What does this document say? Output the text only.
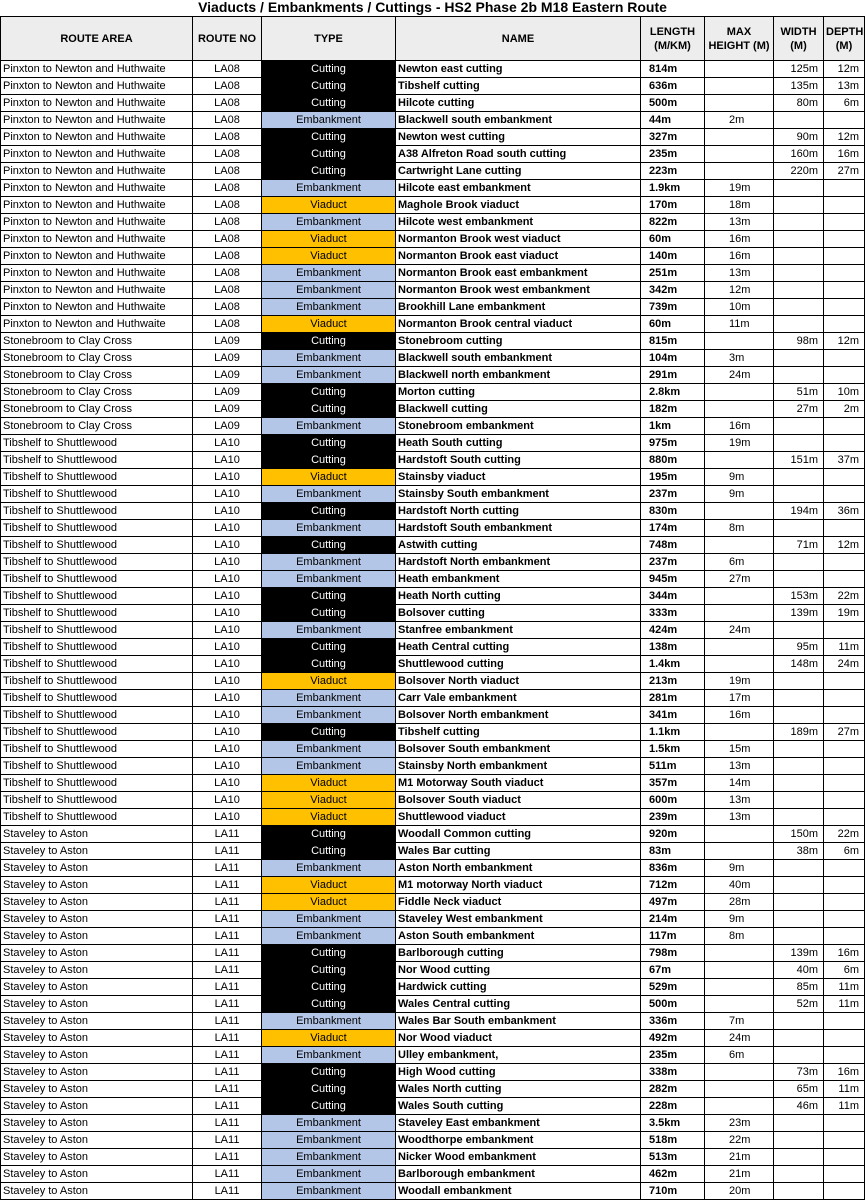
Viaducts / Embankments / Cuttings - HS2 Phase 2b M18 Eastern Route
ROUTE AREA	ROUTE NO	TYPE	NAME	LENGTH (M/KM)	MAX HEIGHT (M)	WIDTH (M)	DEPTH (M)
Pinxton to Newton and Huthwaite	LA08	Cutting	Newton east cutting	814m		125m	12m
Pinxton to Newton and Huthwaite	LA08	Cutting	Tibshelf cutting	636m		135m	13m
Pinxton to Newton and Huthwaite	LA08	Cutting	Hilcote cutting	500m		80m	6m
Pinxton to Newton and Huthwaite	LA08	Embankment	Blackwell south embankment	44m	2m		
Pinxton to Newton and Huthwaite	LA08	Cutting	Newton west cutting	327m		90m	12m
Pinxton to Newton and Huthwaite	LA08	Cutting	A38 Alfreton Road south cutting	235m		160m	16m
Pinxton to Newton and Huthwaite	LA08	Cutting	Cartwright Lane cutting	223m		220m	27m
Pinxton to Newton and Huthwaite	LA08	Embankment	Hilcote east embankment	1.9km	19m		
Pinxton to Newton and Huthwaite	LA08	Viaduct	Maghole Brook viaduct	170m	18m		
Pinxton to Newton and Huthwaite	LA08	Embankment	Hilcote west embankment	822m	13m		
Pinxton to Newton and Huthwaite	LA08	Viaduct	Normanton Brook west viaduct	60m	16m		
Pinxton to Newton and Huthwaite	LA08	Viaduct	Normanton Brook east viaduct	140m	16m		
Pinxton to Newton and Huthwaite	LA08	Embankment	Normanton Brook east embankment	251m	13m		
Pinxton to Newton and Huthwaite	LA08	Embankment	Normanton Brook west embankment	342m	12m		
Pinxton to Newton and Huthwaite	LA08	Embankment	Brookhill Lane embankment	739m	10m		
Pinxton to Newton and Huthwaite	LA08	Viaduct	Normanton Brook central viaduct	60m	11m		
Stonebroom to Clay Cross	LA09	Cutting	Stonebroom cutting	815m		98m	12m
Stonebroom to Clay Cross	LA09	Embankment	Blackwell south embankment	104m	3m		
Stonebroom to Clay Cross	LA09	Embankment	Blackwell north embankment	291m	24m		
Stonebroom to Clay Cross	LA09	Cutting	Morton cutting	2.8km		51m	10m
Stonebroom to Clay Cross	LA09	Cutting	Blackwell cutting	182m		27m	2m
Stonebroom to Clay Cross	LA09	Embankment	Stonebroom embankment	1km	16m		
Tibshelf to Shuttlewood	LA10	Cutting	Heath South cutting	975m	19m		
Tibshelf to Shuttlewood	LA10	Cutting	Hardstoft South cutting	880m		151m	37m
Tibshelf to Shuttlewood	LA10	Viaduct	Stainsby viaduct	195m	9m		
Tibshelf to Shuttlewood	LA10	Embankment	Stainsby South embankment	237m	9m		
Tibshelf to Shuttlewood	LA10	Cutting	Hardstoft North cutting	830m		194m	36m
Tibshelf to Shuttlewood	LA10	Embankment	Hardstoft South embankment	174m	8m		
Tibshelf to Shuttlewood	LA10	Cutting	Astwith cutting	748m		71m	12m
Tibshelf to Shuttlewood	LA10	Embankment	Hardstoft North embankment	237m	6m		
Tibshelf to Shuttlewood	LA10	Embankment	Heath embankment	945m	27m		
Tibshelf to Shuttlewood	LA10	Cutting	Heath North cutting	344m		153m	22m
Tibshelf to Shuttlewood	LA10	Cutting	Bolsover cutting	333m		139m	19m
Tibshelf to Shuttlewood	LA10	Embankment	Stanfree embankment	424m	24m		
Tibshelf to Shuttlewood	LA10	Cutting	Heath Central cutting	138m		95m	11m
Tibshelf to Shuttlewood	LA10	Cutting	Shuttlewood cutting	1.4km		148m	24m
Tibshelf to Shuttlewood	LA10	Viaduct	Bolsover North viaduct	213m	19m		
Tibshelf to Shuttlewood	LA10	Embankment	Carr Vale embankment	281m	17m		
Tibshelf to Shuttlewood	LA10	Embankment	Bolsover North embankment	341m	16m		
Tibshelf to Shuttlewood	LA10	Cutting	Tibshelf cutting	1.1km		189m	27m
Tibshelf to Shuttlewood	LA10	Embankment	Bolsover South embankment	1.5km	15m		
Tibshelf to Shuttlewood	LA10	Embankment	Stainsby North embankment	511m	13m		
Tibshelf to Shuttlewood	LA10	Viaduct	M1 Motorway South viaduct	357m	14m		
Tibshelf to Shuttlewood	LA10	Viaduct	Bolsover South viaduct	600m	13m		
Tibshelf to Shuttlewood	LA10	Viaduct	Shuttlewood viaduct	239m	13m		
Staveley to Aston	LA11	Cutting	Woodall Common cutting	920m		150m	22m
Staveley to Aston	LA11	Cutting	Wales Bar cutting	83m		38m	6m
Staveley to Aston	LA11	Embankment	Aston North embankment	836m	9m		
Staveley to Aston	LA11	Viaduct	M1 motorway North viaduct	712m	40m		
Staveley to Aston	LA11	Viaduct	Fiddle Neck viaduct	497m	28m		
Staveley to Aston	LA11	Embankment	Staveley West embankment	214m	9m		
Staveley to Aston	LA11	Embankment	Aston South embankment	117m	8m		
Staveley to Aston	LA11	Cutting	Barlborough cutting	798m		139m	16m
Staveley to Aston	LA11	Cutting	Nor Wood cutting	67m		40m	6m
Staveley to Aston	LA11	Cutting	Hardwick cutting	529m		85m	11m
Staveley to Aston	LA11	Cutting	Wales Central cutting	500m		52m	11m
Staveley to Aston	LA11	Embankment	Wales Bar South embankment	336m	7m		
Staveley to Aston	LA11	Viaduct	Nor Wood viaduct	492m	24m		
Staveley to Aston	LA11	Embankment	Ulley embankment,	235m	6m		
Staveley to Aston	LA11	Cutting	High Wood cutting	338m		73m	16m
Staveley to Aston	LA11	Cutting	Wales North cutting	282m		65m	11m
Staveley to Aston	LA11	Cutting	Wales South cutting	228m		46m	11m
Staveley to Aston	LA11	Embankment	Staveley East embankment	3.5km	23m		
Staveley to Aston	LA11	Embankment	Woodthorpe embankment	518m	22m		
Staveley to Aston	LA11	Embankment	Nicker Wood embankment	513m	21m		
Staveley to Aston	LA11	Embankment	Barlborough embankment	462m	21m		
Staveley to Aston	LA11	Embankment	Woodall embankment	710m	20m		
